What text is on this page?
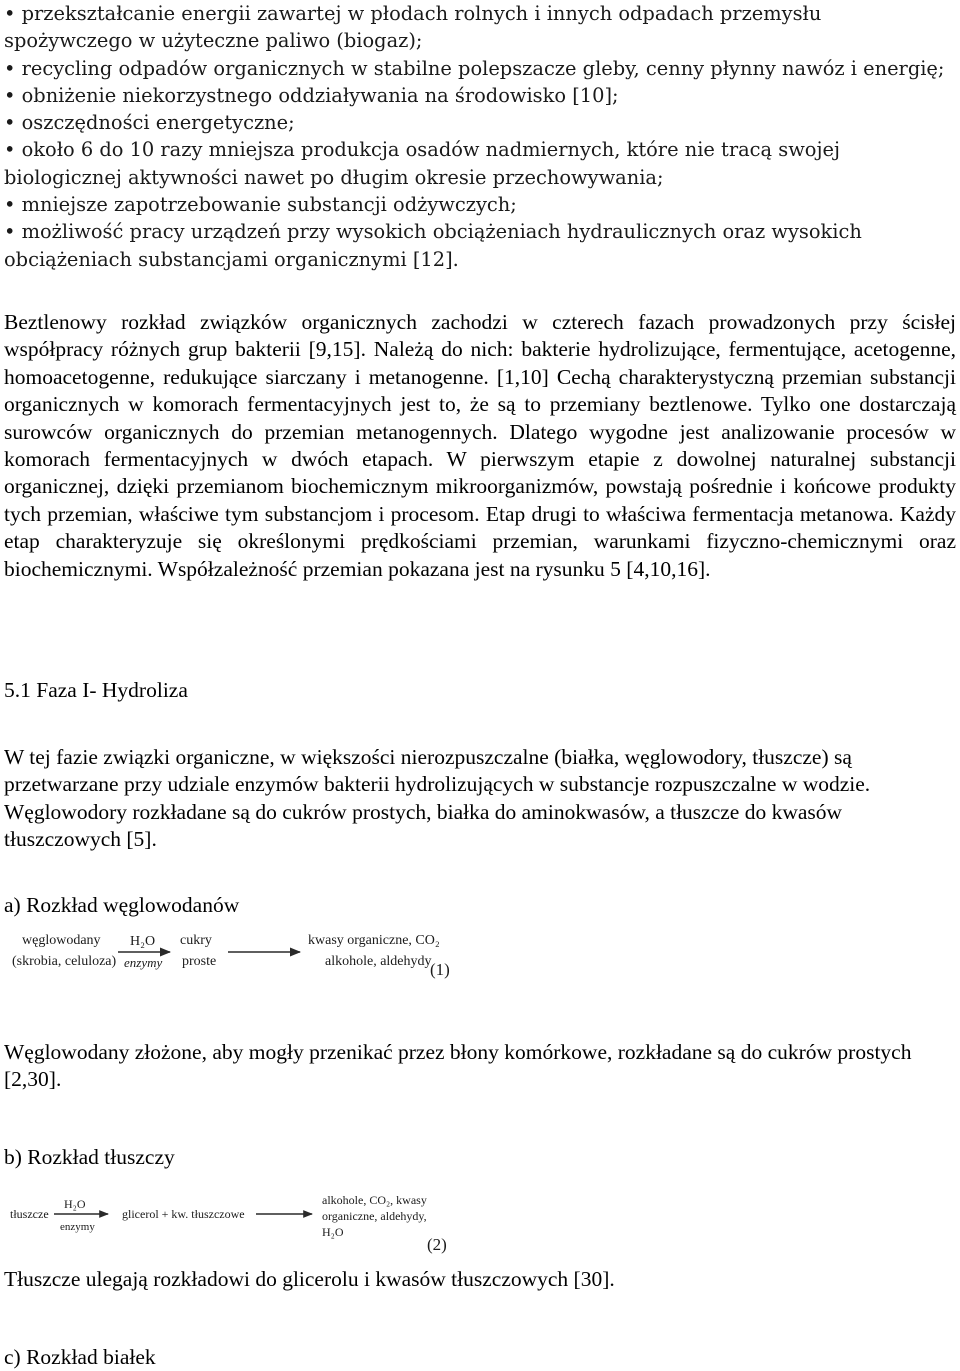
• przekształcanie energii zawartej w płodach rolnych i innych odpadach przemysłu spożywczego w użyteczne paliwo (biogaz);

• recycling odpadów organicznych w stabilne polepszacze gleby, cenny płynny nawóz i energię;

• obniżenie niekorzystnego oddziaływania na środowisko [10];

• oszczędności energetyczne;

• około 6 do 10 razy mniejsza produkcja osadów nadmiernych, które nie tracą swojej biologicznej aktywności nawet po długim okresie przechowywania;

• mniejsze zapotrzebowanie substancji odżywczych;

• możliwość pracy urządzeń przy wysokich obciążeniach hydraulicznych oraz wysokich obciążeniach substancjami organicznymi [12].

Beztlenowy rozkład związków organicznych zachodzi w czterech fazach prowadzonych przy ścisłej współpracy różnych grup bakterii [9,15]. Należą do nich: bakterie hydrolizujące, fermentujące, acetogenne, homoacetogenne, redukujące siarczany i metanogenne. [1,10] Cechą charakterystyczną przemian substancji organicznych w komorach fermentacyjnych jest to, że są to przemiany beztlenowe. Tylko one dostarczają surowców organicznych do przemian metanogennych. Dlatego wygodne jest analizowanie procesów w komorach fermentacyjnych w dwóch etapach. W pierwszym etapie z dowolnej naturalnej substancji organicznej, dzięki przemianom biochemicznym mikroorganizmów, powstają pośrednie i końcowe produkty tych przemian, właściwe tym substancjom i procesom. Etap drugi to właściwa fermentacja metanowa. Każdy etap charakteryzuje się określonymi prędkościami przemian, warunkami fizyczno-chemicznymi oraz biochemicznymi. Współzależność przemian pokazana jest na rysunku 5 [4,10,16].

5.1 Faza I- Hydroliza

W tej fazie związki organiczne, w większości nierozpuszczalne (białka, węglowodory, tłuszcze) są przetwarzane przy udziale enzymów bakterii hydrolizujących w substancje rozpuszczalne w wodzie. Węglowodory rozkładane są do cukrów prostych, białka do aminokwasów, a tłuszcze do kwasów tłuszczowych [5].

a) Rozkład węglowodanów

węglowodany
(skrobia, celuloza)
H₂O
enzymy
cukry
proste
kwasy organiczne, CO₂
alkohole, aldehydy
(1)

Węglowodany złożone, aby mogły przenikać przez błony komórkowe, rozkładane są do cukrów prostych [2,30].

b) Rozkład tłuszczy

tłuszcze
H₂O
enzymy
glicerol + kw. tłuszczowe
alkohole, CO₂, kwasy
organiczne, aldehydy,
H₂O
(2)

Tłuszcze ulegają rozkładowi do glicerolu i kwasów tłuszczowych [30].

c) Rozkład białek
